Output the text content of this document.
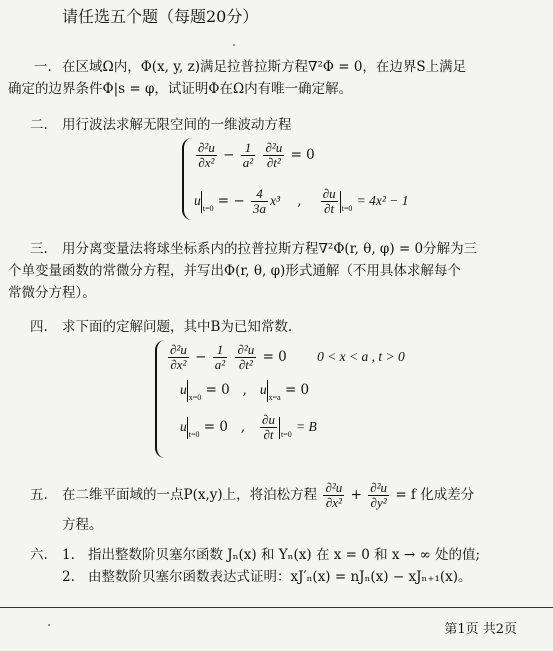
请任选五个题（每题20分）
一. 在区域Ω内，Φ(x, y, z)满足拉普拉斯方程∇²Φ = 0，在边界S上满足
确定的边界条件Φ|s = φ，试证明Φ在Ω内有唯一确定解。
二. 用行波法求解无限空间的一维波动方程
$\frac{\text{∂²u}}{\text{∂x²}} - \frac{1}{\text{a²}}$
$\frac{\text{∂²u}}{\text{∂t²}} = 0$
$u_{t=0}$ = − $\frac{4}{3a} x^3$    , $\frac{\partial u}{\partial t} _{t=0} = 4x^2 - 1$
三. 用分离变量法将球坐标系内的拉普拉斯方程∇²Φ(r, θ, φ) = 0分解为三
个单变量函数的常微分方程，并写出Φ(r, θ, φ)形式通解（不用具体求解每个
常微分方程）。
四. 求下面的定解问题，其中B为已知常数.
$\frac{\text{∂²u}}{\text{∂x²}} - \frac{1}{\text{a²}}$
$\frac{\text{∂²u}}{\text{∂t²}} = 0$ 0 < x < a , t > 0
$u_{x=0} = 0$   ,   $u_{x=a} = 0$
$u_{t=0} = 0$   , $\frac{\partial u}{\partial t} _{t=0} = B$
五. 在二维平面域的一点P(x,y)上，将泊松方程 $\frac{\text{∂²u}}{\text{∂x²}} + \frac{\text{∂²u}}{\text{∂y²}} = f$ 化成差分
方程。
六. 1. 指出整数阶贝塞尔函数 Jₙ(x) 和 Yₙ(x) 在 x = 0 和 x → ∞ 处的值;
2. 由整数阶贝塞尔函数表达式证明：xJ′ₙ(x) = nJₙ(x) − xJₙ₊₁(x)。
第1页 共2页
